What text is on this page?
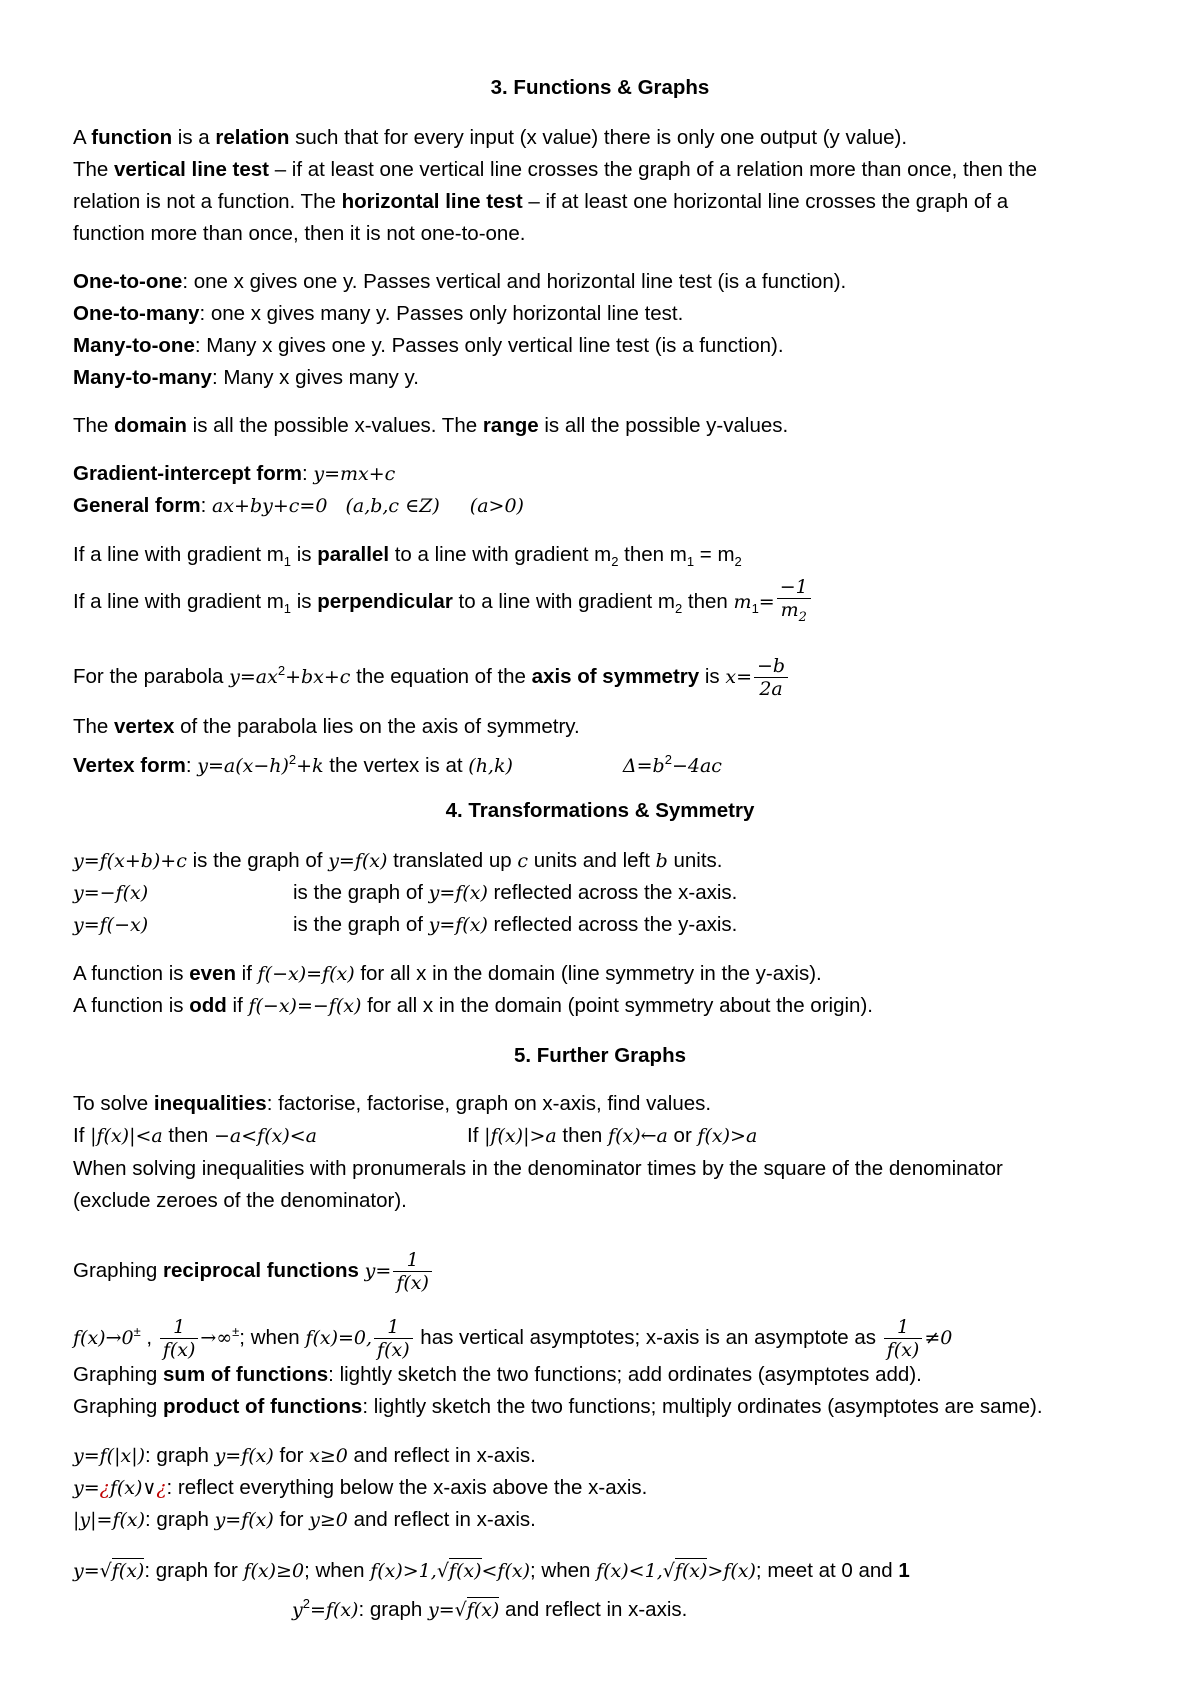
3. Functions & Graphs
A function is a relation such that for every input (x value) there is only one output (y value).
The vertical line test – if at least one vertical line crosses the graph of a relation more than once, then the
relation is not a function. The horizontal line test – if at least one horizontal line crosses the graph of a
function more than once, then it is not one-to-one.
One-to-one: one x gives one y. Passes vertical and horizontal line test (is a function).
One-to-many: one x gives many y. Passes only horizontal line test.
Many-to-one: Many x gives one y. Passes only vertical line test (is a function).
Many-to-many: Many x gives many y.
The domain is all the possible x-values. The range is all the possible y-values.
Gradient-intercept form: y=mx+c
General form: ax+by+c=0 (a,b,c ∈Z) (a>0)
If a line with gradient $m_1$ is parallel to a line with gradient $m_2$ then $m_1 = m_2$
If a line with gradient $m_1$ is perpendicular to a line with gradient $m_2$ then $m_1= \frac{-1}{m_2}$
For the parabola $y=ax^2+bx+c$ the equation of the axis of symmetry is $x= \frac{-b}{2a}$
The vertex of the parabola lies on the axis of symmetry.
Vertex form: $y=a(x-h)^2+k$ the vertex is at (h,k)	$\Delta=b^2-4ac$
4. Transformations & Symmetry
y=f(x+b)+c is the graph of y=f(x) translated up c units and left b units.
y=−f(x)	is the graph of y=f(x) reflected across the x-axis.
y=f(−x)	is the graph of y=f(x) reflected across the y-axis.
A function is even if f(−x)=f(x) for all x in the domain (line symmetry in the y-axis).
A function is odd if f(−x)=−f(x) for all x in the domain (point symmetry about the origin).
5. Further Graphs
To solve inequalities: factorise, factorise, graph on x-axis, find values.
If |f(x)|<a then −a<f(x)<a	If |f(x)|>a then f(x)←a or f(x)>a
When solving inequalities with pronumerals in the denominator times by the square of the denominator
(exclude zeroes of the denominator).
Graphing reciprocal functions $y= \frac{1}{f(x)}$
f(x)→0± , $\frac{1}{f(x)} \to\infty^\pm$; when f(x)=0, $\frac{1}{f(x)}$ has vertical asymptotes; x-axis is an asymptote as $\frac{1}{f(x)} \ne 0$
Graphing sum of functions: lightly sketch the two functions; add ordinates (asymptotes add).
Graphing product of functions: lightly sketch the two functions; multiply ordinates (asymptotes are same).
y=f(|x|): graph y=f(x) for x≥0 and reflect in x-axis.
y=¿f(x)∨¿: reflect everything below the x-axis above the x-axis.
|y|=f(x): graph y=f(x) for y≥0 and reflect in x-axis.
y=√f(x): graph for f(x)≥0; when f(x)>1,√f(x)<f(x); when f(x)<1,√f(x)>f(x); meet at 0 and 1
$y^2=f(x)$: graph y=√f(x) and reflect in x-axis.
